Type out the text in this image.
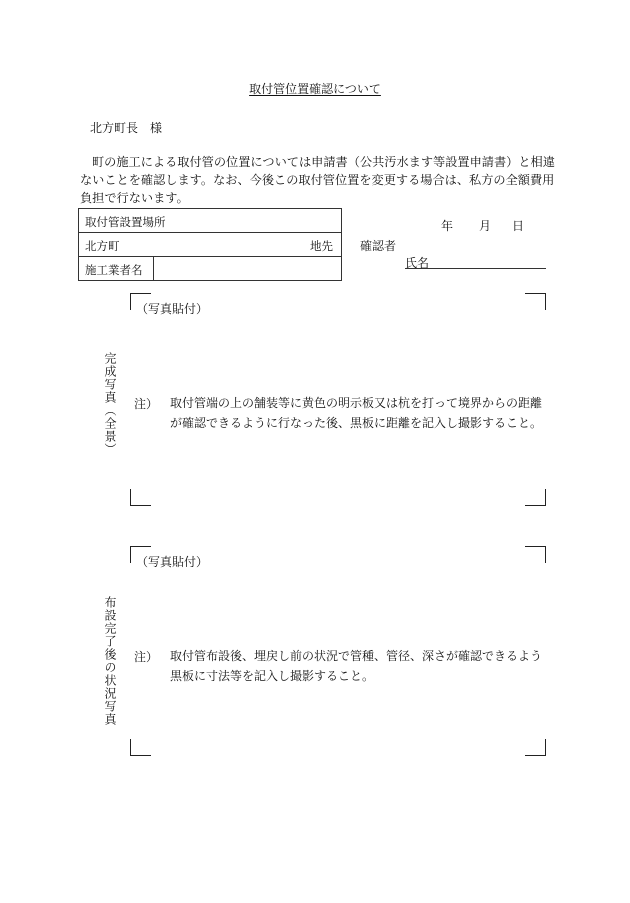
取付管位置確認について
北方町長　様
町の施工による取付管の位置については申請書（公共汚水ます等設置申請書）と相違ないことを確認します。なお、今後この取付管位置を変更する場合は、私方の全額費用負担で行ないます。
取付管設置場所
北方町	地先
施工業者名
年 月 日
確認者
氏名
（写真貼付）
完成写真（全景） 注） 取付管端の上の舗装等に黄色の明示板又は杭を打って境界からの距離が確認できるように行なった後、黒板に距離を記入し撮影すること。
（写真貼付）
布設完了後の状況写真 注） 取付管布設後、埋戻し前の状況で管種、管径、深さが確認できるよう黒板に寸法等を記入し撮影すること。
